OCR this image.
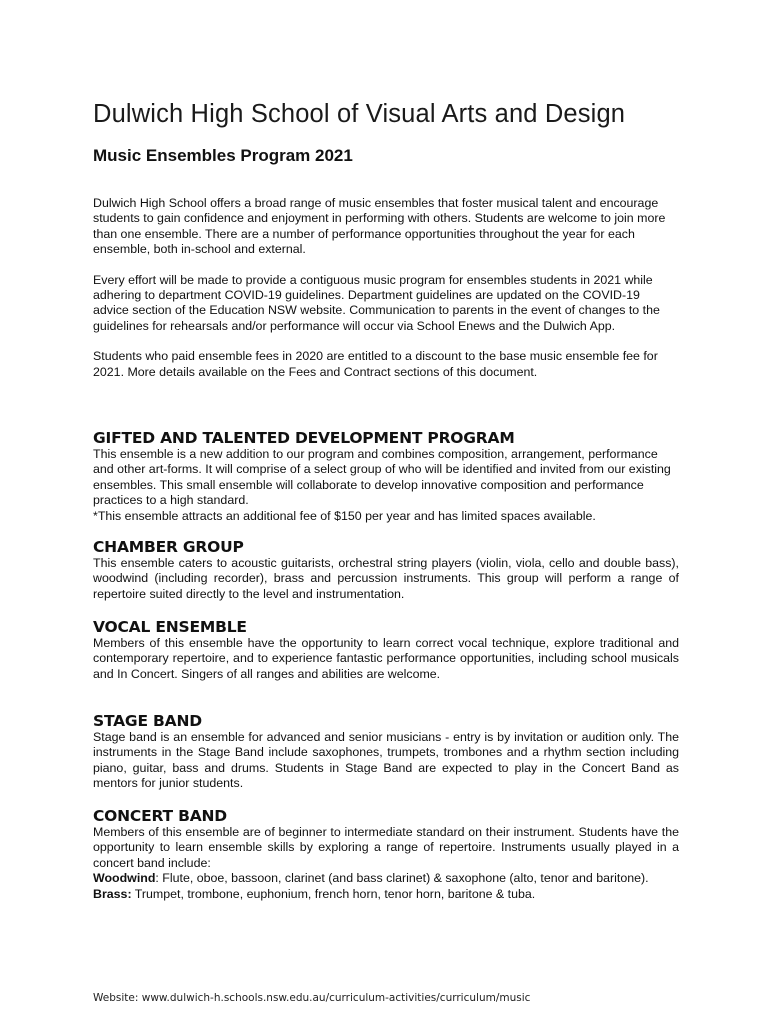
Dulwich High School of Visual Arts and Design
Music Ensembles Program 2021

Dulwich High School offers a broad range of music ensembles that foster musical talent and encourage students to gain confidence and enjoyment in performing with others. Students are welcome to join more than one ensemble. There are a number of performance opportunities throughout the year for each ensemble, both in-school and external.

Every effort will be made to provide a contiguous music program for ensembles students in 2021 while adhering to department COVID-19 guidelines. Department guidelines are updated on the COVID-19 advice section of the Education NSW website. Communication to parents in the event of changes to the guidelines for rehearsals and/or performance will occur via School Enews and the Dulwich App.

Students who paid ensemble fees in 2020 are entitled to a discount to the base music ensemble fee for 2021. More details available on the Fees and Contract sections of this document.

GIFTED AND TALENTED DEVELOPMENT PROGRAM

This ensemble is a new addition to our program and combines composition, arrangement, performance and other art-forms. It will comprise of a select group of who will be identified and invited from our existing ensembles. This small ensemble will collaborate to develop innovative composition and performance practices to a high standard.

*This ensemble attracts an additional fee of $150 per year and has limited spaces available.

CHAMBER GROUP

This ensemble caters to acoustic guitarists, orchestral string players (violin, viola, cello and double bass), woodwind (including recorder), brass and percussion instruments. This group will perform a range of repertoire suited directly to the level and instrumentation.

VOCAL ENSEMBLE

Members of this ensemble have the opportunity to learn correct vocal technique, explore traditional and contemporary repertoire, and to experience fantastic performance opportunities, including school musicals and In Concert. Singers of all ranges and abilities are welcome.

STAGE BAND

Stage band is an ensemble for advanced and senior musicians - entry is by invitation or audition only. The instruments in the Stage Band include saxophones, trumpets, trombones and a rhythm section including piano, guitar, bass and drums. Students in Stage Band are expected to play in the Concert Band as mentors for junior students.

CONCERT BAND

Members of this ensemble are of beginner to intermediate standard on their instrument. Students have the opportunity to learn ensemble skills by exploring a range of repertoire. Instruments usually played in a concert band include:

Woodwind: Flute, oboe, bassoon, clarinet (and bass clarinet) & saxophone (alto, tenor and baritone).

Brass: Trumpet, trombone, euphonium, french horn, tenor horn, baritone & tuba.

Website: www.dulwich-h.schools.nsw.edu.au/curriculum-activities/curriculum/music
